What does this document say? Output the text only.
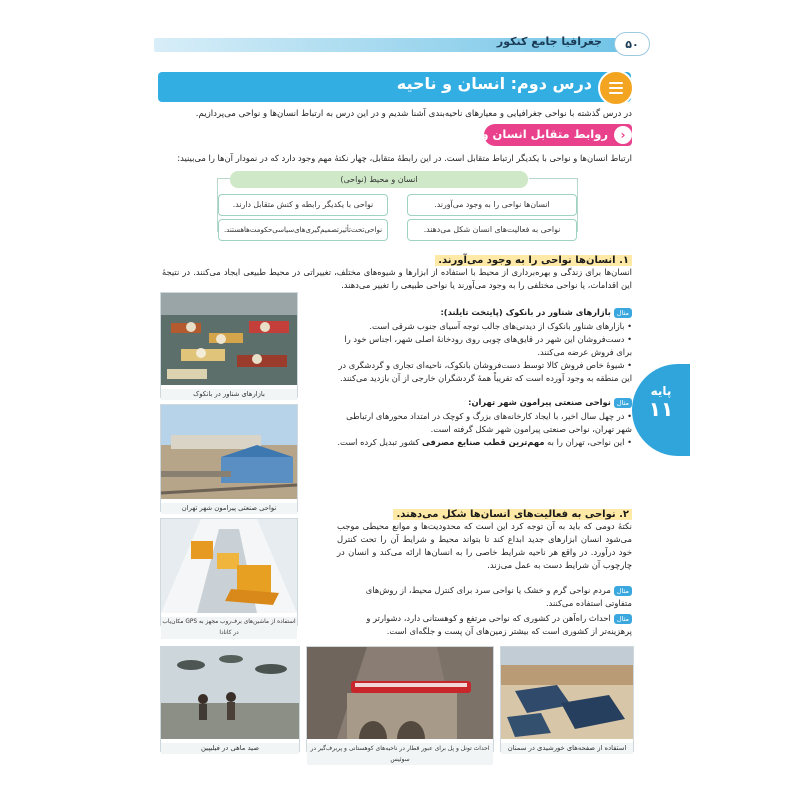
جغرافیا جامع کنکور	۵۰
درس دوم: انسان و ناحیه
در درس گذشته با نواحی جغرافیایی و معیارهای ناحیه‌بندی آشنا شدیم و در این درس به ارتباط انسان‌ها و نواحی می‌پردازیم.
‹
روابط متقابل انسان و محیط
ارتباط انسان‌ها و نواحی با یکدیگر ارتباط متقابل است. در این رابطهٔ متقابل، چهار نکتهٔ مهم وجود دارد که در نمودار آن‌ها را می‌بینید:
انسان و محیط (نواحی)
انسان‌ها نواحی را به وجود می‌آورند.
نواحی با یکدیگر رابطه و کنش متقابل دارند.
نواحی به فعالیت‌های انسان شکل می‌دهند.
نواحی‌تحت‌تأثیرتصمیم‌گیری‌های‌سیاسی‌حکومت‌هاهستند.
۱. انسان‌ها نواحی را به وجود می‌آورند.
انسان‌ها برای زندگی و بهره‌برداری از محیط با استفاده از ابزارها و شیوه‌های مختلف، تغییراتی در محیط طبیعی ایجاد می‌کنند. در نتیجهٔ این اقدامات، یا نواحی مختلفی را به وجود می‌آورند یا نواحی طبیعی را تغییر می‌دهند.
مثالبازارهای شناور در بانکوک (پایتخت تایلند):
• بازارهای شناور بانکوک از دیدنی‌های جالب توجه آسیای جنوب شرقی است.
• دست‌فروشان این شهر در قایق‌های چوبی روی رودخانهٔ اصلی شهر، اجناس خود را برای فروش عرضه می‌کنند.
• شیوهٔ خاص فروش کالا توسط دست‌فروشان بانکوک، ناحیه‌ای تجاری و گردشگری در این منطقه به وجود آورده است که تقریباً همهٔ گردشگران خارجی از آن بازدید می‌کنند.
مثالنواحی صنعتی پیرامون شهر تهران:
• در چهل سال اخیر، با ایجاد کارخانه‌های بزرگ و کوچک در امتداد محورهای ارتباطی شهر تهران، نواحی صنعتی پیرامون شهر شکل گرفته است.
• این نواحی، تهران را به مهم‌ترین قطب صنایع مصرفی کشور تبدیل کرده است.
۲. نواحی به فعالیت‌های انسان‌ها شکل می‌دهند.
نکتهٔ دومی که باید به آن توجه کرد این است که محدودیت‌ها و موانع محیطی موجب می‌شود انسان ابزارهای جدید ابداع کند تا بتواند محیط و شرایط آن را تحت کنترل خود درآورد. در واقع هر ناحیه شرایط خاصی را به انسان‌ها ارائه می‌کند و انسان در چارچوب آن شرایط دست به عمل می‌زند.
مثالمردم نواحی گرم و خشک یا نواحی سرد برای کنترل محیط، از روش‌های متفاوتی استفاده می‌کنند.
مثالاحداث راه‌آهن در کشوری که نواحی مرتفع و کوهستانی دارد، دشوارتر و پرهزینه‌تر از کشوری است که بیشتر زمین‌های آن پست و جلگه‌ای است.
پایه
۱۱
بازارهای شناور در بانکوک
نواحی صنعتی پیرامون شهر تهران
استفاده از ماشین‌های برف‌روب مجهز به GPS مکان‌یاب در کانادا
صید ماهی در فیلیپین	احداث تونل و پل برای عبور قطار در ناحیه‌های کوهستانی و پربرف‌گیر در سوئیس
استفاده از صفحه‌های خورشیدی در سمنان
